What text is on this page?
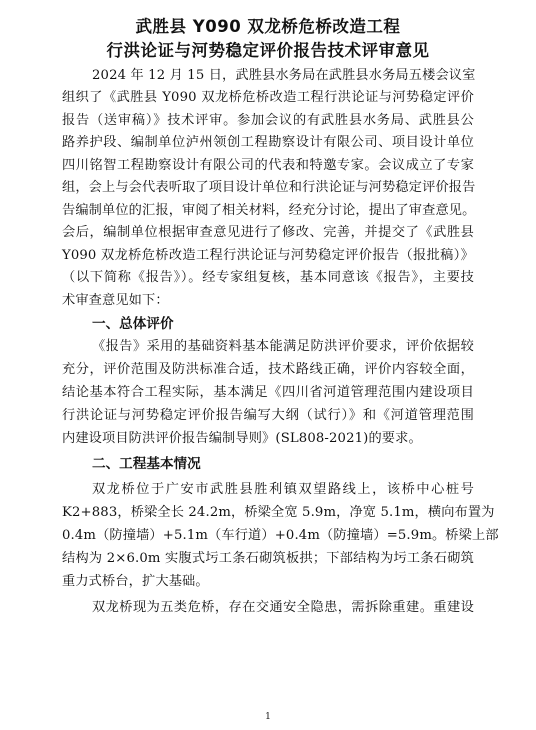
武胜县 Y090 双龙桥危桥改造工程
行洪论证与河势稳定评价报告技术评审意见
2024 年 12 月 15 日，武胜县水务局在武胜县水务局五楼会议室
组织了《武胜县 Y090 双龙桥危桥改造工程行洪论证与河势稳定评价
报告（送审稿）》技术评审。参加会议的有武胜县水务局、武胜县公
路养护段、编制单位泸州领创工程勘察设计有限公司、项目设计单位
四川铭智工程勘察设计有限公司的代表和特邀专家。会议成立了专家
组，会上与会代表听取了项目设计单位和行洪论证与河势稳定评价报告
告编制单位的汇报，审阅了相关材料，经充分讨论，提出了审查意见。
会后，编制单位根据审查意见进行了修改、完善，并提交了《武胜县
Y090 双龙桥危桥改造工程行洪论证与河势稳定评价报告（报批稿）》
（以下简称《报告》）。经专家组复核，基本同意该《报告》，主要技
术审查意见如下：
一、总体评价
《报告》采用的基础资料基本能满足防洪评价要求，评价依据较
充分，评价范围及防洪标准合适，技术路线正确，评价内容较全面，
结论基本符合工程实际，基本满足《四川省河道管理范围内建设项目
行洪论证与河势稳定评价报告编写大纲（试行）》和《河道管理范围
内建设项目防洪评价报告编制导则》(SL808-2021)的要求。
二、工程基本情况
双龙桥位于广安市武胜县胜利镇双望路线上，该桥中心桩号
K2+883，桥梁全长 24.2m，桥梁全宽 5.9m，净宽 5.1m，横向布置为
0.4m（防撞墙）+5.1m（车行道）+0.4m（防撞墙）=5.9m。桥梁上部
结构为 2×6.0m 实腹式圬工条石砌筑板拱；下部结构为圬工条石砌筑
重力式桥台，扩大基础。
双龙桥现为五类危桥，存在交通安全隐患，需拆除重建。重建设
1
